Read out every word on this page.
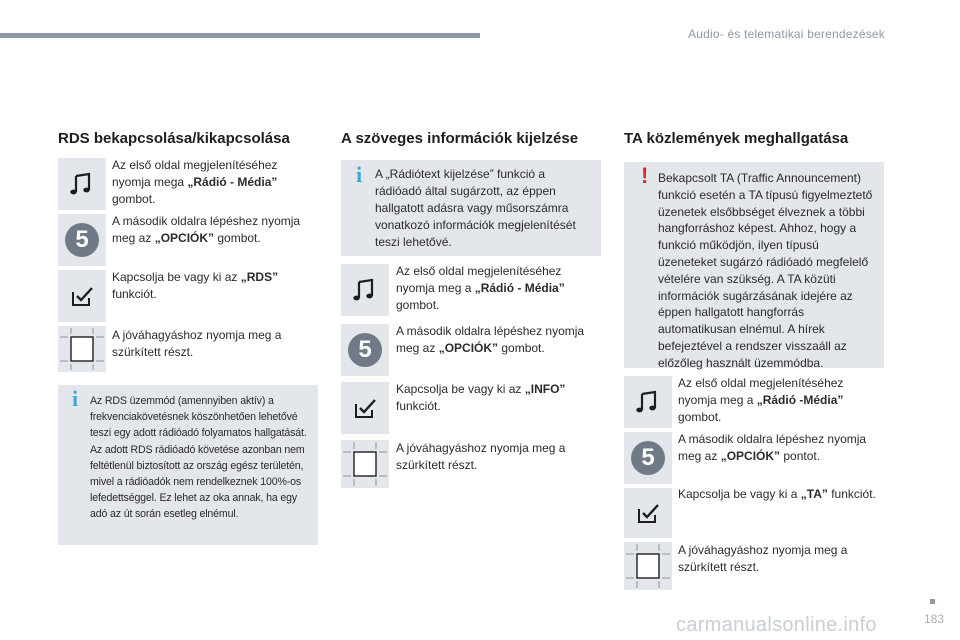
Audio- és telematikai berendezések
RDS bekapcsolása/kikapcsolása
Az első oldal megjelenítéséhez nyomja mega „Rádió - Média” gombot.
5
A második oldalra lépéshez nyomja meg az „OPCIÓK” gombot.
Kapcsolja be vagy ki az „RDS” funkciót.
A jóváhagyáshoz nyomja meg a szürkített részt.
i Az RDS üzemmód (amennyiben aktív) a frekvenciakövetésnek köszönhetően lehetővé teszi egy adott rádióadó folyamatos hallgatását. Az adott RDS rádióadó követése azonban nem feltétlenül biztosított az ország egész területén, mivel a rádióadók nem rendelkeznek 100%-os lefedettséggel. Ez lehet az oka annak, ha egy adó az út során esetleg elnémul.
A szöveges információk kijelzése
i A „Rádiótext kijelzése” funkció a rádióadó által sugárzott, az éppen hallgatott adásra vagy műsorszámra vonatkozó információk megjelenítését teszi lehetővé.
Az első oldal megjelenítéséhez nyomja meg a „Rádió - Média” gombot.
5
A második oldalra lépéshez nyomja meg az „OPCIÓK” gombot.
Kapcsolja be vagy ki az „INFO” funkciót.
A jóváhagyáshoz nyomja meg a szürkített részt.
TA közlemények meghallgatása
! Bekapcsolt TA (Traffic Announcement) funkció esetén a TA típusú figyelmeztető üzenetek elsőbbséget élveznek a többi hangforráshoz képest. Ahhoz, hogy a funkció működjön, ilyen típusú üzeneteket sugárzó rádióadó megfelelő vételére van szükség. A TA közüti információk sugárzásának idejére az éppen hallgatott hangforrás automatikusan elnémul. A hírek befejeztével a rendszer visszaáll az előzőleg használt üzemmódba.
Az első oldal megjelenítéséhez nyomja meg a „Rádió -Média” gombot.
5
A második oldalra lépéshez nyomja meg az „OPCIÓK” pontot.
Kapcsolja be vagy ki a „TA” funkciót.
A jóváhagyáshoz nyomja meg a szürkített részt.
carmanualsonline.info	183
